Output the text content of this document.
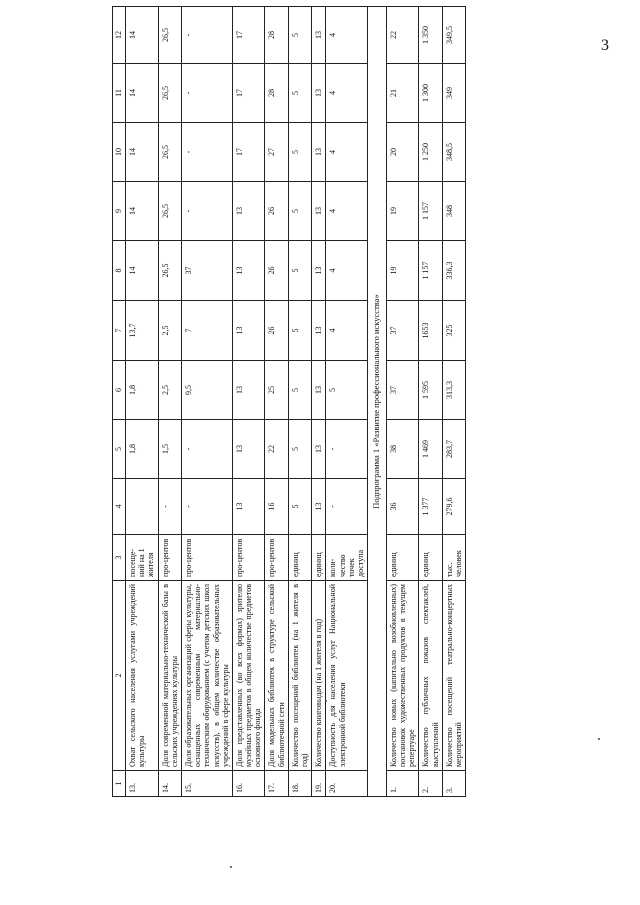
3
1	2	3	4	5	6	7	8	9	10	11	12
13.	Охват сельского населения услугами учреждений культуры	посеще-ний на 1 жителя		1,8	1,8	13,7	14	14	14	14	14
14.	Доля современной материально-технической базы в сельских учреждениях культуры	про-центов	-	1,5	2,5	2,5	26,5	26,5	26,5	26,5	26,5
15.	Доля образовательных организаций сферы культуры, оснащенных современным материально-техническим оборудованием (с учетом детских школ искусств), в общем количестве образовательных учреждений в сфере культуры	про-центов	-	-	9,5	7	37	-	-	-	-
16.	Доля представленных (во всех формах) зрителю музейных предметов в общем количестве предметов основного фонда	про-центов	13	13	13	13	13	13	17	17	17
17.	Доля модельных библиотек в структуре сельской библиотечной сети	про-центов	16	22	25	26	26	26	27	28	28
18.	Количество посещений библиотек (на 1 жителя в год)	единиц	5	5	5	5	5	5	5	5	5
19.	Количество книговыдач (на 1 жителя в год)	единиц	13	13	13	13	13	13	13	13	13
20.	Доступность для населения услуг Национальной электронной библиотеки	коли-чество точек доступа	-	-	5	4	4	4	4	4	4
Подпрограмма 1 «Развитие профессионального искусства»											
1.	Количество новых (капитально возобновленных) постановок художественных продуктов в текущем репертуаре	единиц	36	38	37	37	19	19	20	21	22
2.	Количество публичных показов спектаклей, выступлений	единиц	1 377	1 469	1 595	1653	1 157	1 157	1 250	1 300	1 350
3.	Количество посещений театрально-концертных мероприятий	тыс. человек	279,6	283,7	313,3	325	336,3	348	348,5	349	349,5
